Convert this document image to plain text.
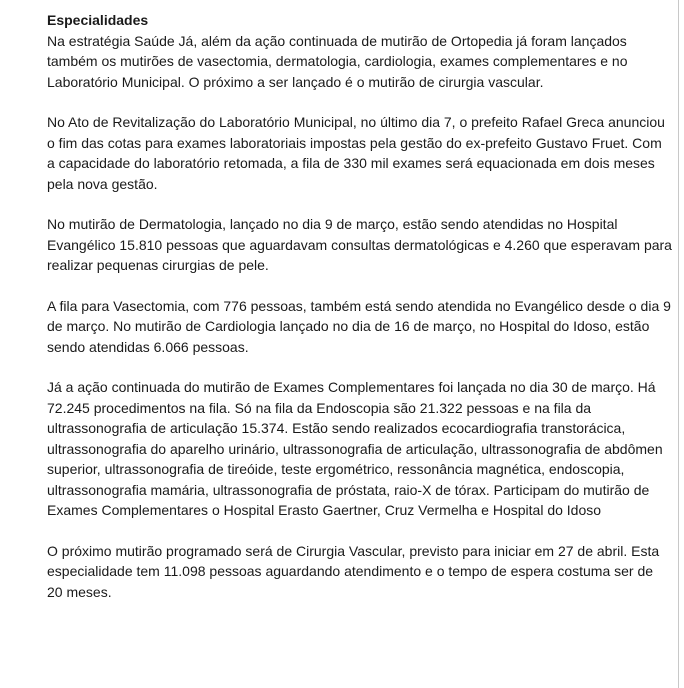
Especialidades

Na estratégia Saúde Já, além da ação continuada de mutirão de Ortopedia já foram lançados também os mutirões de vasectomia, dermatologia, cardiologia, exames complementares e no Laboratório Municipal. O próximo a ser lançado é o mutirão de cirurgia vascular.

No Ato de Revitalização do Laboratório Municipal, no último dia 7, o prefeito Rafael Greca anunciou o fim das cotas para exames laboratoriais impostas pela gestão do ex-prefeito Gustavo Fruet. Com a capacidade do laboratório retomada, a fila de 330 mil exames será equacionada em dois meses pela nova gestão.

No mutirão de Dermatologia, lançado no dia 9 de março, estão sendo atendidas no Hospital Evangélico 15.810 pessoas que aguardavam consultas dermatológicas e 4.260 que esperavam para realizar pequenas cirurgias de pele.

A fila para Vasectomia, com 776 pessoas, também está sendo atendida no Evangélico desde o dia 9 de março. No mutirão de Cardiologia lançado no dia de 16 de março, no Hospital do Idoso, estão sendo atendidas 6.066 pessoas.

Já a ação continuada do mutirão de Exames Complementares foi lançada no dia 30 de março. Há 72.245 procedimentos na fila. Só na fila da Endoscopia são 21.322 pessoas e na fila da ultrassonografia de articulação 15.374. Estão sendo realizados ecocardiografia transtorácica, ultrassonografia do aparelho urinário, ultrassonografia de articulação, ultrassonografia de abdômen superior, ultrassonografia de tireóide, teste ergométrico, ressonância magnética, endoscopia, ultrassonografia mamária, ultrassonografia de próstata, raio-X de tórax. Participam do mutirão de Exames Complementares o Hospital Erasto Gaertner, Cruz Vermelha e Hospital do Idoso

O próximo mutirão programado será de Cirurgia Vascular, previsto para iniciar em 27 de abril. Esta especialidade tem 11.098 pessoas aguardando atendimento e o tempo de espera costuma ser de 20 meses.
